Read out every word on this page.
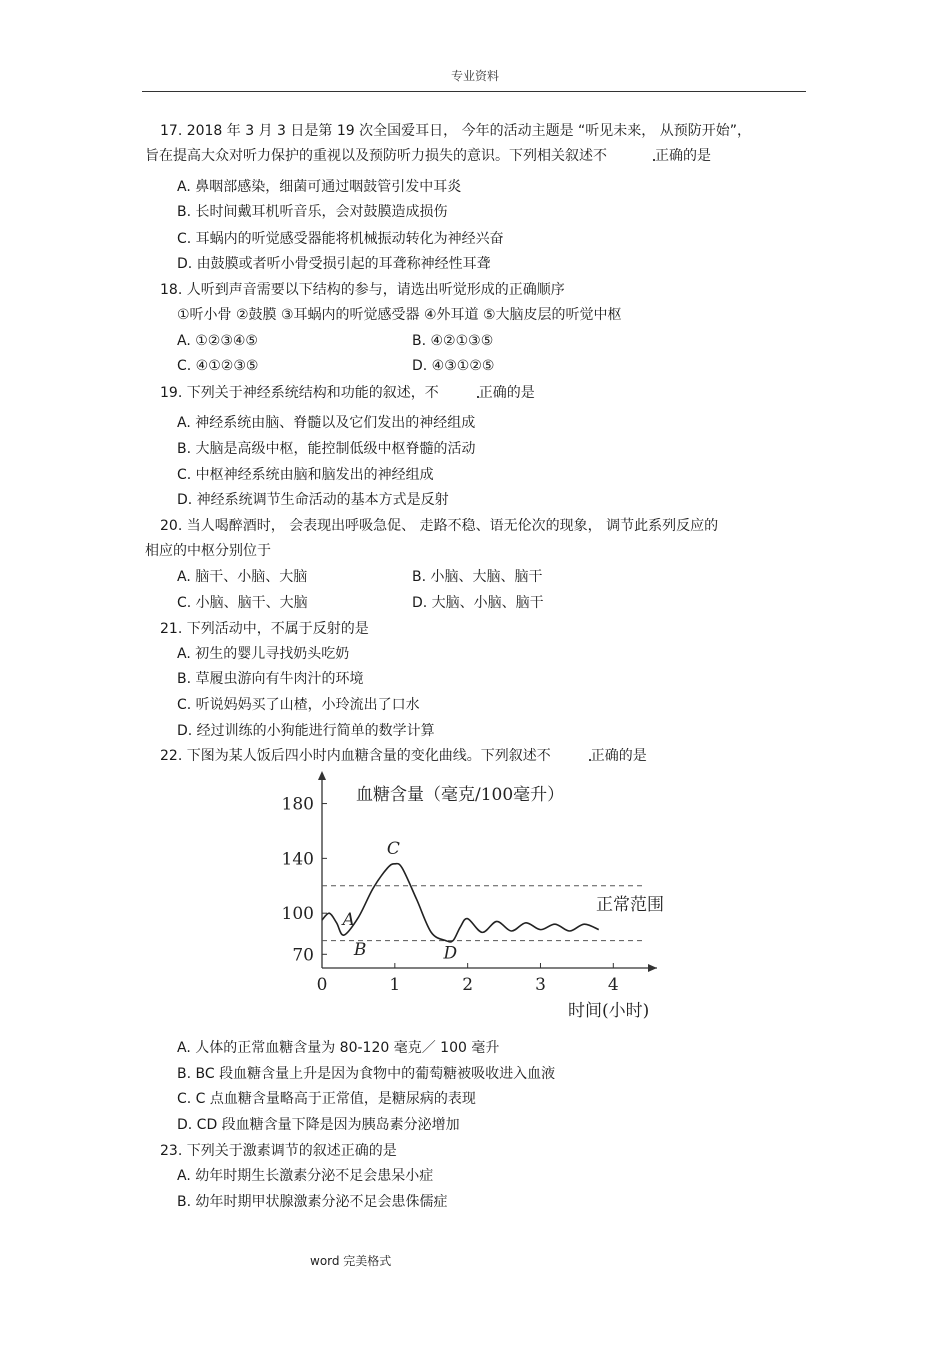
专业资料
17. 2018 年 3 月 3 日是第 19 次全国爱耳日， 今年的活动主题是 “听见未来， 从预防开始”，
旨在提高大众对听力保护的重视以及预防听力损失的意识。下列相关叙述不	正确的是
A. 鼻咽部感染，细菌可通过咽鼓管引发中耳炎
B. 长时间戴耳机听音乐，会对鼓膜造成损伤
C. 耳蜗内的听觉感受器能将机械振动转化为神经兴奋
D. 由鼓膜或者听小骨受损引起的耳聋称神经性耳聋
18. 人听到声音需要以下结构的参与，请选出听觉形成的正确顺序
①听小骨 ②鼓膜 ③耳蜗内的听觉感受器 ④外耳道 ⑤大脑皮层的听觉中枢
A. ①②③④⑤	B. ④②①③⑤
C. ④①②③⑤	D. ④③①②⑤
19. 下列关于神经系统结构和功能的叙述，不	正确的是
A. 神经系统由脑、脊髓以及它们发出的神经组成
B. 大脑是高级中枢，能控制低级中枢脊髓的活动
C. 中枢神经系统由脑和脑发出的神经组成
D. 神经系统调节生命活动的基本方式是反射
20. 当人喝醉酒时， 会表现出呼吸急促、 走路不稳、语无伦次的现象， 调节此系列反应的
相应的中枢分别位于
A. 脑干、小脑、大脑	B. 小脑、大脑、脑干
C. 小脑、脑干、大脑	D. 大脑、小脑、脑干
21. 下列活动中，不属于反射的是
A. 初生的婴儿寻找奶头吃奶
B. 草履虫游向有牛肉汁的环境
C. 听说妈妈买了山楂，小玲流出了口水
D. 经过训练的小狗能进行简单的数学计算
22. 下图为某人饭后四小时内血糖含量的变化曲线。下列叙述不	正确的是
血糖含量（毫克/100毫升）
时间(小时)
正常范围
70
100
140
180
0	1	2	3	4
A
B
C
D
A. 人体的正常血糖含量为 80-120 毫克／ 100 毫升
B. BC 段血糖含量上升是因为食物中的葡萄糖被吸收进入血液
C. C 点血糖含量略高于正常值，是糖尿病的表现
D. CD 段血糖含量下降是因为胰岛素分泌增加
23. 下列关于激素调节的叙述正确的是
A. 幼年时期生长激素分泌不足会患呆小症
B. 幼年时期甲状腺激素分泌不足会患侏儒症
word 完美格式
